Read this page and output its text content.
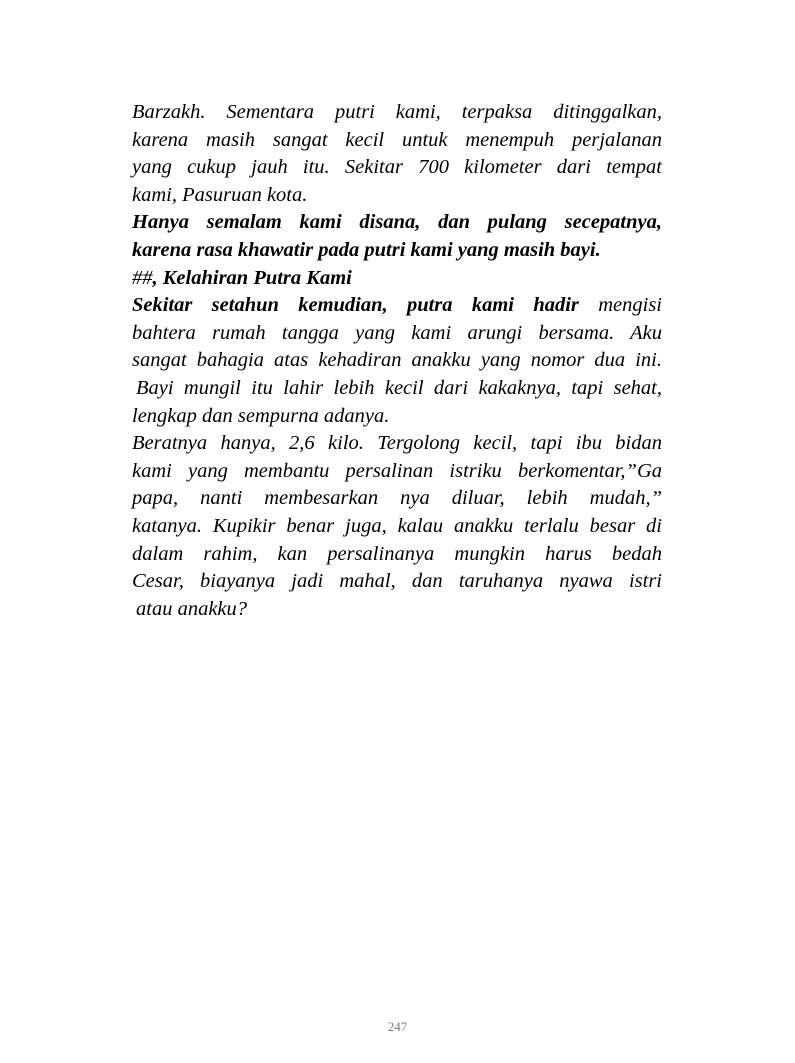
Barzakh. Sementara putri kami, terpaksa ditinggalkan,
karena masih sangat kecil untuk menempuh perjalanan
yang cukup jauh itu. Sekitar 700 kilometer dari tempat
kami, Pasuruan kota.
Hanya semalam kami disana, dan pulang secepatnya,
karena rasa khawatir pada putri kami yang masih bayi.
##, Kelahiran Putra Kami
Sekitar setahun kemudian, putra kami hadir mengisi
bahtera rumah tangga yang kami arungi bersama. Aku
sangat bahagia atas kehadiran anakku yang nomor dua ini.
Bayi mungil itu lahir lebih kecil dari kakaknya, tapi sehat,
lengkap dan sempurna adanya.
Beratnya hanya, 2,6 kilo. Tergolong kecil, tapi ibu bidan
kami yang membantu persalinan istriku berkomentar,”Ga
papa, nanti membesarkan nya diluar, lebih mudah,”
katanya. Kupikir benar juga, kalau anakku terlalu besar di
dalam rahim, kan persalinanya mungkin harus bedah
Cesar, biayanya jadi mahal, dan taruhanya nyawa istri
atau anakku?
247
